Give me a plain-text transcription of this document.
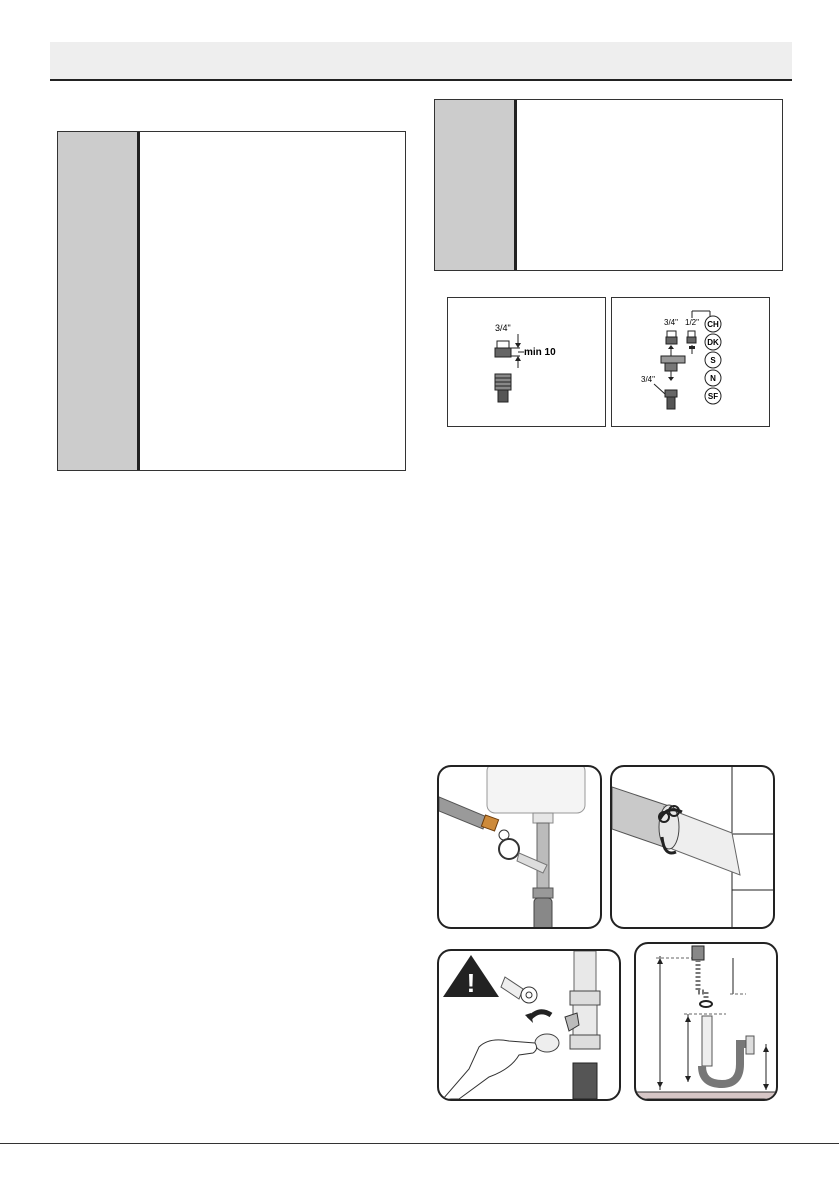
3/4"
min 10
3/4" 1/2"
3/4"
CH
DK
S
N
SF
!
